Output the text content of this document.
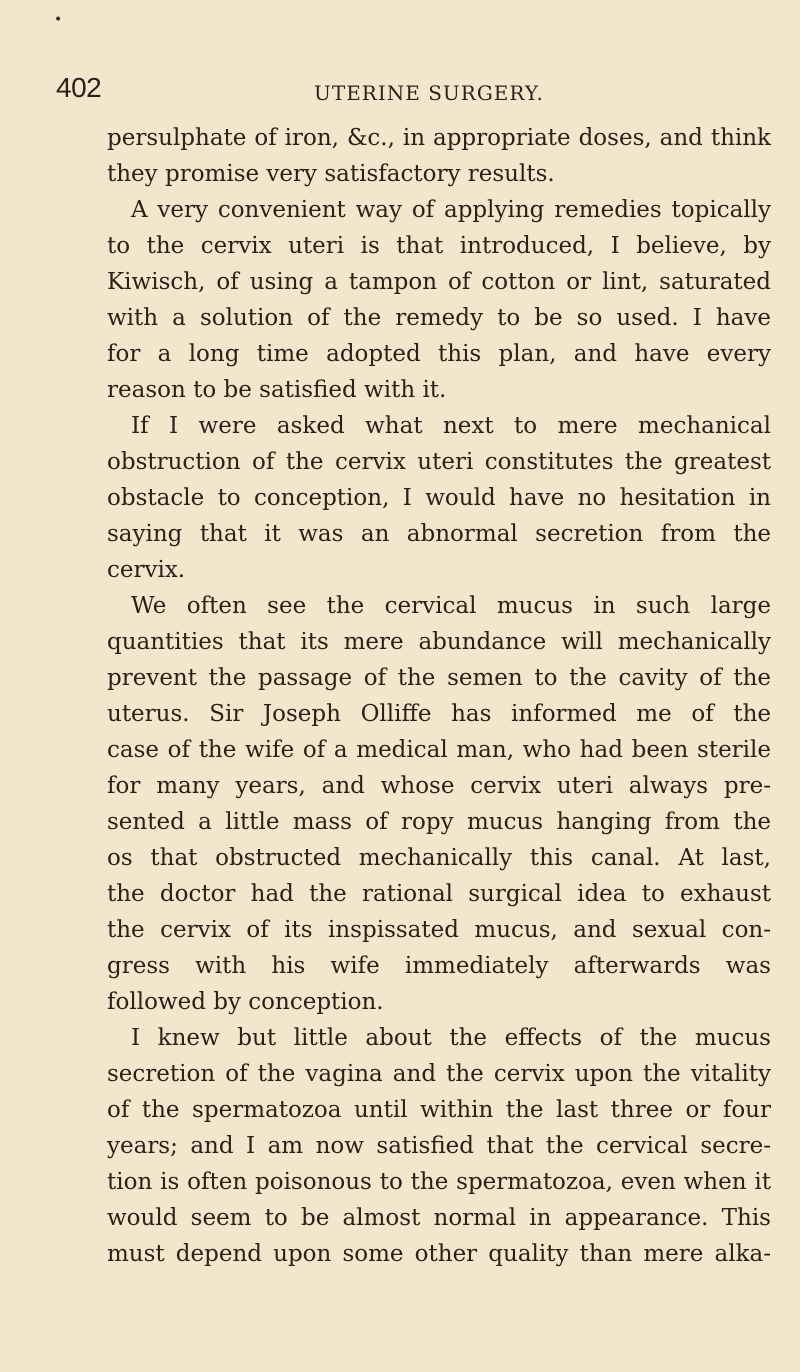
•
402	UTERINE SURGERY.
persulphate of iron, &c., in appropriate doses, and think
they promise very satisfactory results.
A very convenient way of applying remedies topically
to the cervix uteri is that introduced, I believe, by
Kiwisch, of using a tampon of cotton or lint, saturated
with a solution of the remedy to be so used. I have
for a long time adopted this plan, and have every
reason to be satisfied with it.
If I were asked what next to mere mechanical
obstruction of the cervix uteri constitutes the greatest
obstacle to conception, I would have no hesitation in
saying that it was an abnormal secretion from the
cervix.
We often see the cervical mucus in such large
quantities that its mere abundance will mechanically
prevent the passage of the semen to the cavity of the
uterus. Sir Joseph Olliffe has informed me of the
case of the wife of a medical man, who had been sterile
for many years, and whose cervix uteri always pre-
sented a little mass of ropy mucus hanging from the
os that obstructed mechanically this canal. At last,
the doctor had the rational surgical idea to exhaust
the cervix of its inspissated mucus, and sexual con-
gress with his wife immediately afterwards was
followed by conception.
I knew but little about the effects of the mucus
secretion of the vagina and the cervix upon the vitality
of the spermatozoa until within the last three or four
years; and I am now satisfied that the cervical secre-
tion is often poisonous to the spermatozoa, even when it
would seem to be almost normal in appearance. This
must depend upon some other quality than mere alka-
